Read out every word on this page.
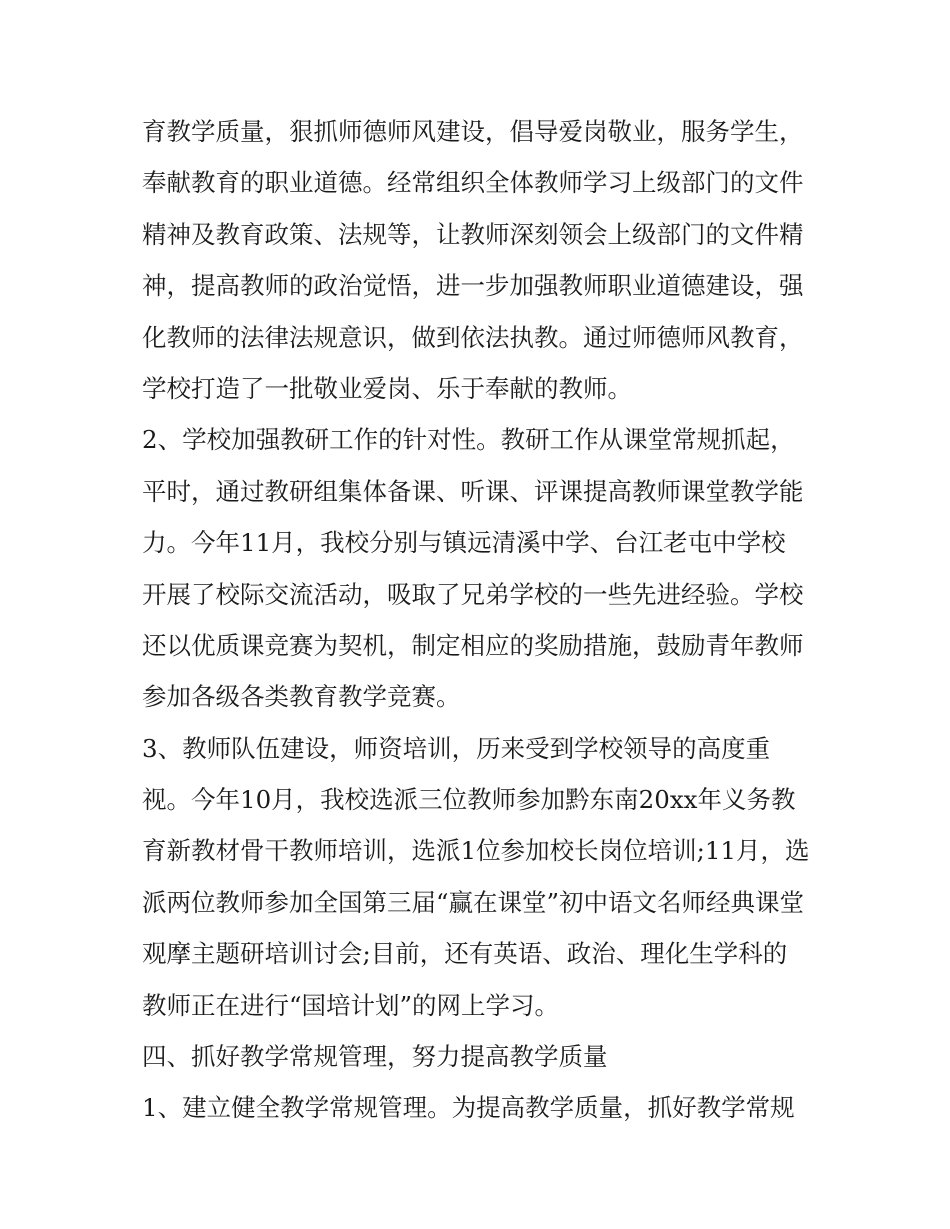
育教学质量，狠抓师德师风建设，倡导爱岗敬业，服务学生，
奉献教育的职业道德。经常组织全体教师学习上级部门的文件
精神及教育政策、法规等，让教师深刻领会上级部门的文件精
神，提高教师的政治觉悟，进一步加强教师职业道德建设，强
化教师的法律法规意识，做到依法执教。通过师德师风教育，
学校打造了一批敬业爱岗、乐于奉献的教师。
2、学校加强教研工作的针对性。教研工作从课堂常规抓起，
平时，通过教研组集体备课、听课、评课提高教师课堂教学能
力。今年11月，我校分别与镇远清溪中学、台江老屯中学校
开展了校际交流活动，吸取了兄弟学校的一些先进经验。学校
还以优质课竞赛为契机，制定相应的奖励措施，鼓励青年教师
参加各级各类教育教学竞赛。
3、教师队伍建设，师资培训，历来受到学校领导的高度重
视。今年10月，我校选派三位教师参加黔东南20xx年义务教
育新教材骨干教师培训，选派1位参加校长岗位培训;11月，选
派两位教师参加全国第三届“赢在课堂”初中语文名师经典课堂
观摩主题研培训讨会;目前，还有英语、政治、理化生学科的
教师正在进行“国培计划”的网上学习。
四、抓好教学常规管理，努力提高教学质量
1、建立健全教学常规管理。为提高教学质量，抓好教学常规
